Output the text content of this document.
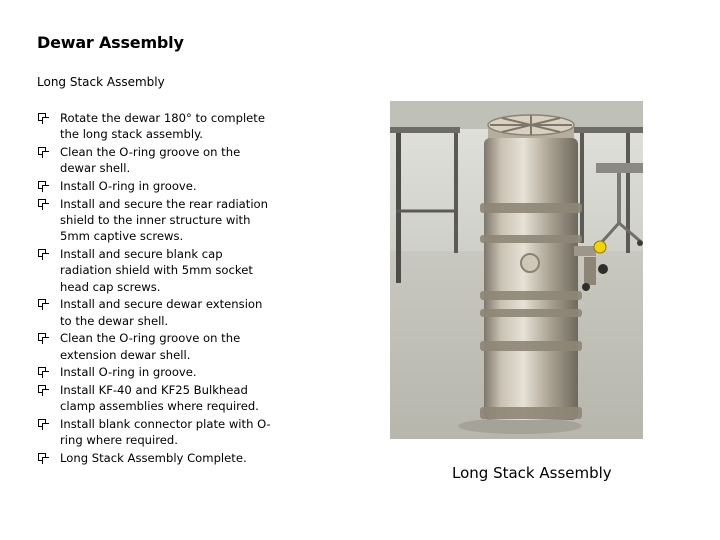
Dewar Assembly
Long Stack Assembly
Rotate the dewar 180° to complete the long stack assembly.
Clean the O-ring groove on the dewar shell.
Install O-ring in groove.
Install and secure the rear radiation shield to the inner structure with 5mm captive screws.
Install and secure blank cap radiation shield with 5mm socket head cap screws.
Install and secure dewar extension to the dewar shell.
Clean the O-ring groove on the extension dewar shell.
Install O-ring in groove.
Install KF-40 and KF25 Bulkhead clamp assemblies where required.
Install blank connector plate with O-ring where required.
Long Stack Assembly Complete.
Long Stack Assembly
